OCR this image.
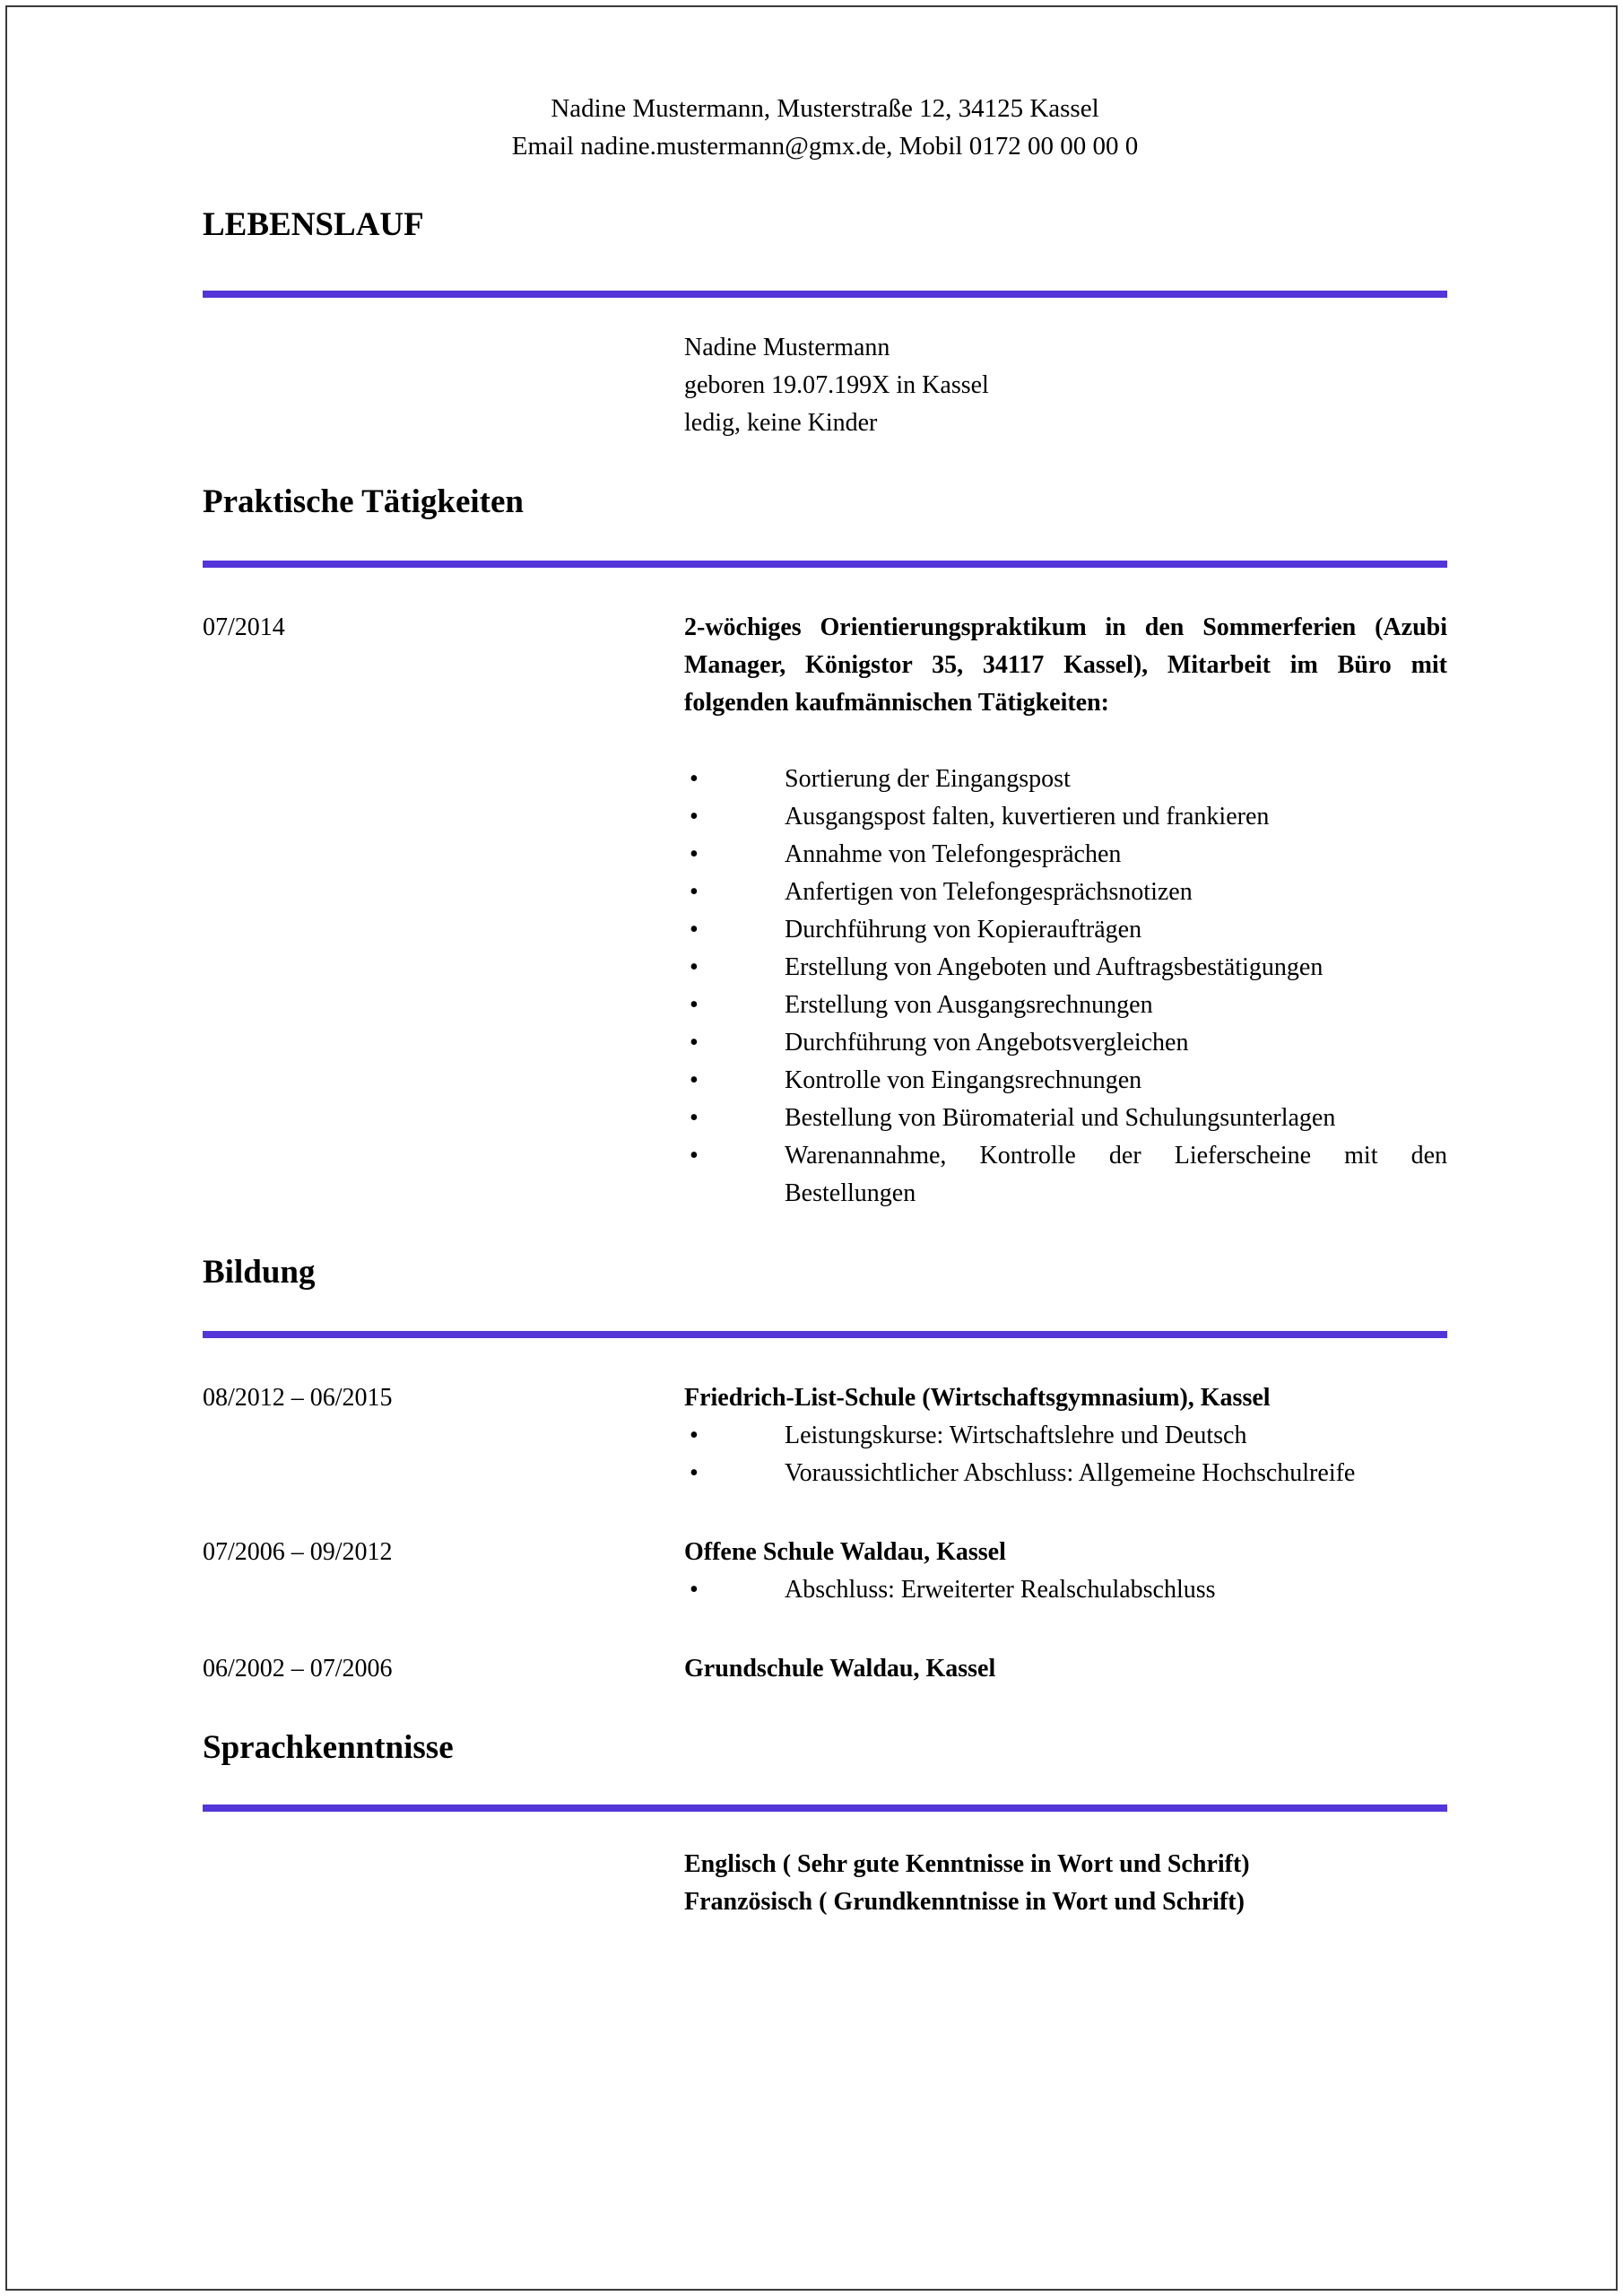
Nadine Mustermann, Musterstraße 12, 34125 Kassel
Email nadine.mustermann@gmx.de, Mobil 0172 00 00 00 0
LEBENSLAUF
Nadine Mustermann
geboren 19.07.199X in Kassel
ledig, keine Kinder
Praktische Tätigkeiten
07/2014	2-wöchiges Orientierungspraktikum in den Sommerferien (Azubi Manager, Königstor 35, 34117 Kassel), Mitarbeit im Büro mit folgenden kaufmännischen Tätigkeiten:

• Sortierung der Eingangspost
• Ausgangspost falten, kuvertieren und frankieren
• Annahme von Telefongesprächen
• Anfertigen von Telefongesprächsnotizen
• Durchführung von Kopieraufträgen
• Erstellung von Angeboten und Auftragsbestätigungen
• Erstellung von Ausgangsrechnungen
• Durchführung von Angebotsvergleichen
• Kontrolle von Eingangsrechnungen
• Bestellung von Büromaterial und Schulungsunterlagen
• Warenannahme, Kontrolle der Lieferscheine mit den Bestellungen
Bildung
08/2012 – 06/2015	Friedrich-List-Schule (Wirtschaftsgymnasium), Kassel

• Leistungskurse: Wirtschaftslehre und Deutsch
• Voraussichtlicher Abschluss: Allgemeine Hochschulreife
07/2006 – 09/2012	Offene Schule Waldau, Kassel

• Abschluss: Erweiterter Realschulabschluss
06/2002 – 07/2006	Grundschule Waldau, Kassel

Sprachkenntnisse
Englisch ( Sehr gute Kenntnisse in Wort und Schrift)
Französisch ( Grundkenntnisse in Wort und Schrift)
